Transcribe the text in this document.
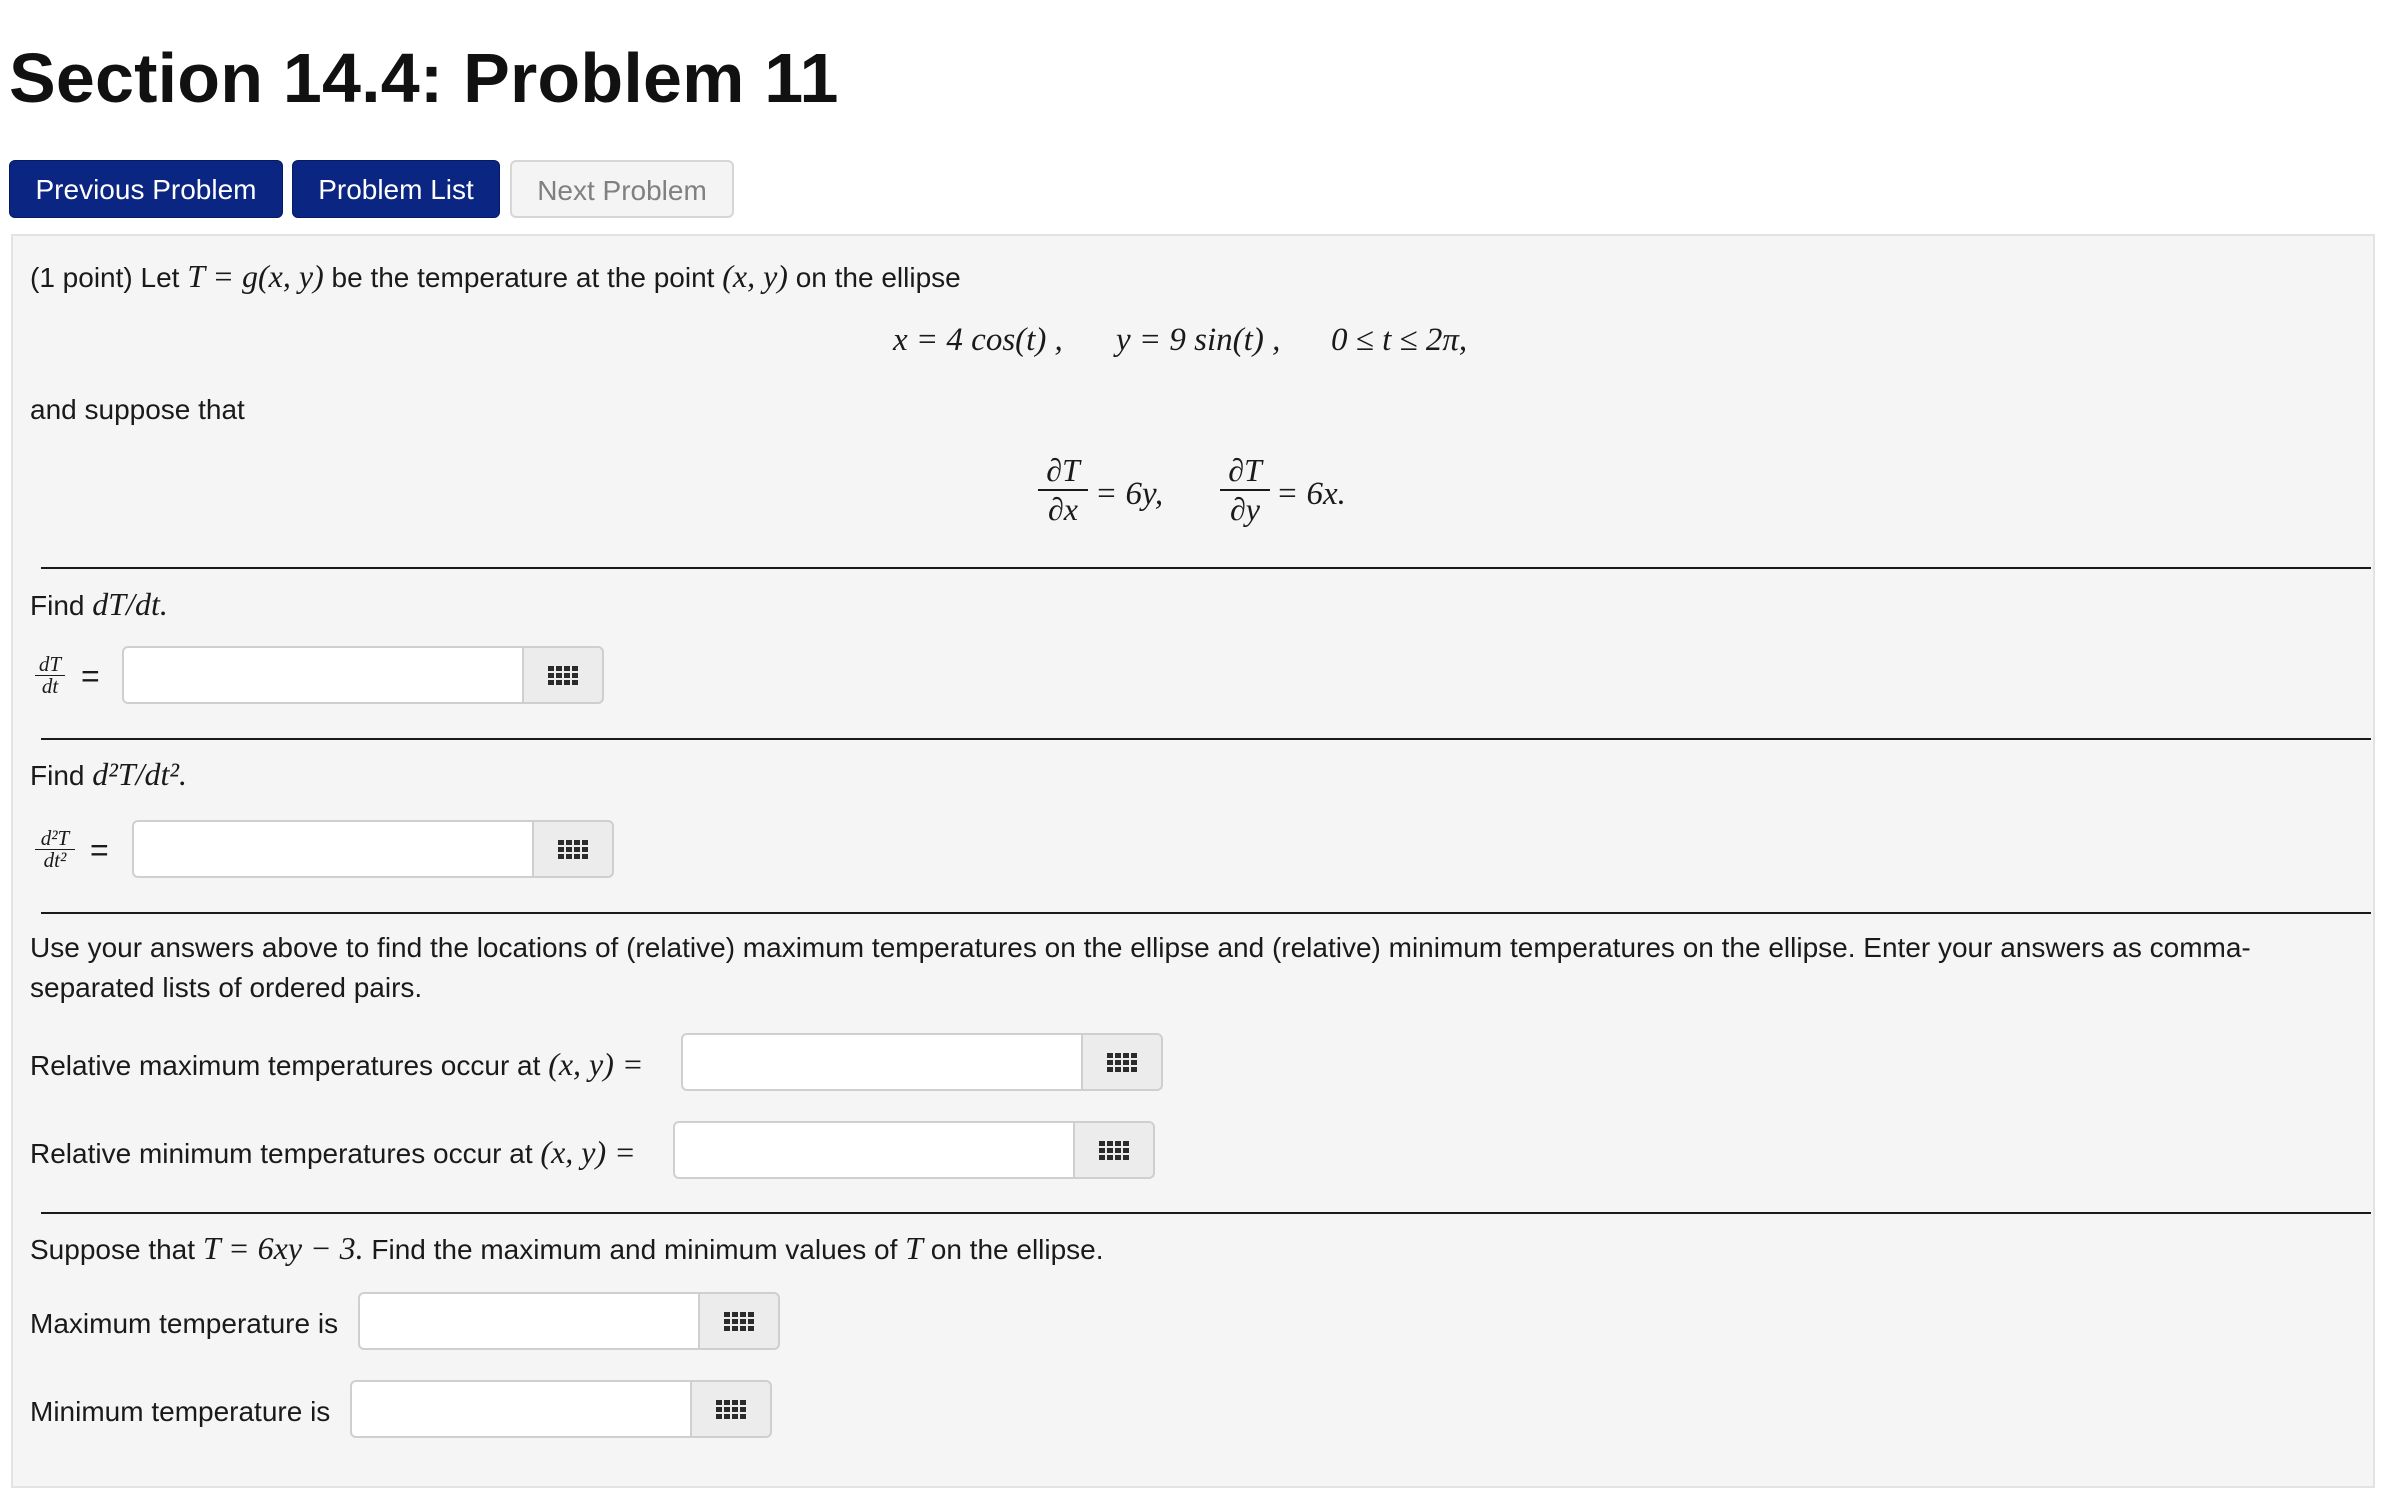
Section 14.4: Problem 11
Previous Problem	Problem List	Next Problem
(1 point) Let T = g(x, y) be the temperature at the point (x, y) on the ellipse
x = 4 cos(t) , y = 9 sin(t) , 0 ≤ t ≤ 2π,
and suppose that
∂T
∂x = 6y,
∂T
∂y = 6x.
Find dT/dt.
dT
dt =
Find d²T/dt².
d²T
dt² =
Use your answers above to find the locations of (relative) maximum temperatures on the ellipse and (relative) minimum temperatures on the ellipse. Enter your answers as comma-
separated lists of ordered pairs.
Relative maximum temperatures occur at (x, y) =
Relative minimum temperatures occur at (x, y) =
Suppose that T = 6xy − 3. Find the maximum and minimum values of T on the ellipse.
Maximum temperature is
Minimum temperature is
